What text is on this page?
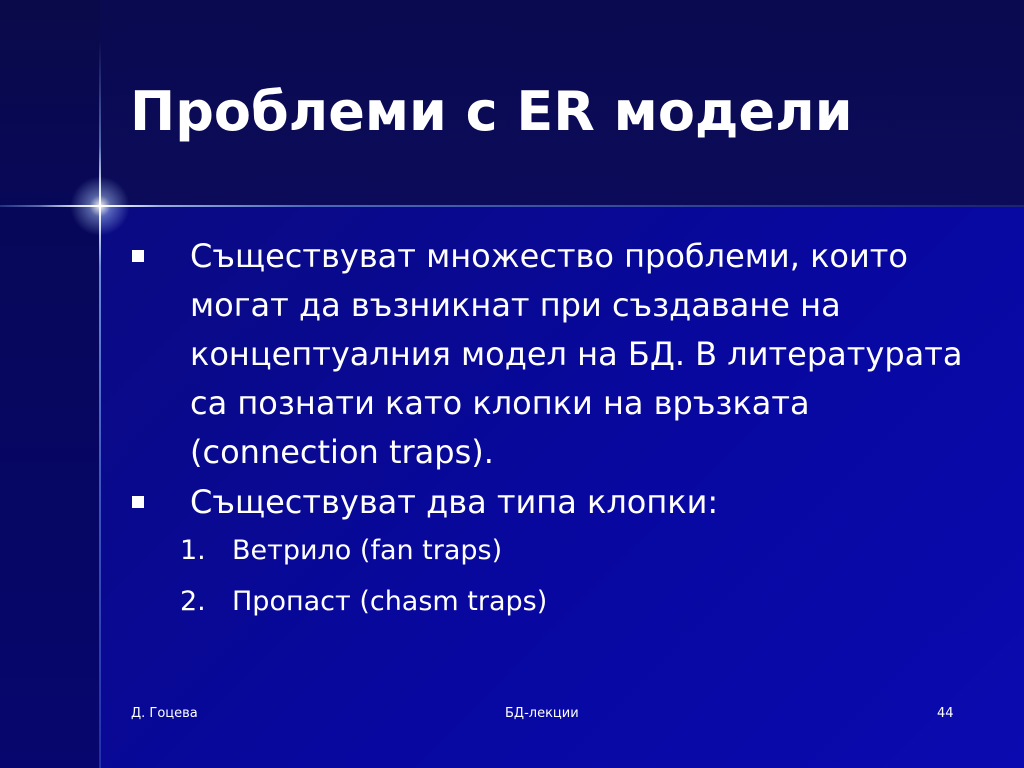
Проблеми с ER модели
Съществуват множество проблеми, които могат да възникнат при създаване на концептуалния модел на БД. В литературата са познати като клопки на връзката (connection traps).
Съществуват два типа клопки:
1. Ветрило (fan traps)
2. Пропаст (chasm traps)
Д. Гоцева	БД-лекции	44
